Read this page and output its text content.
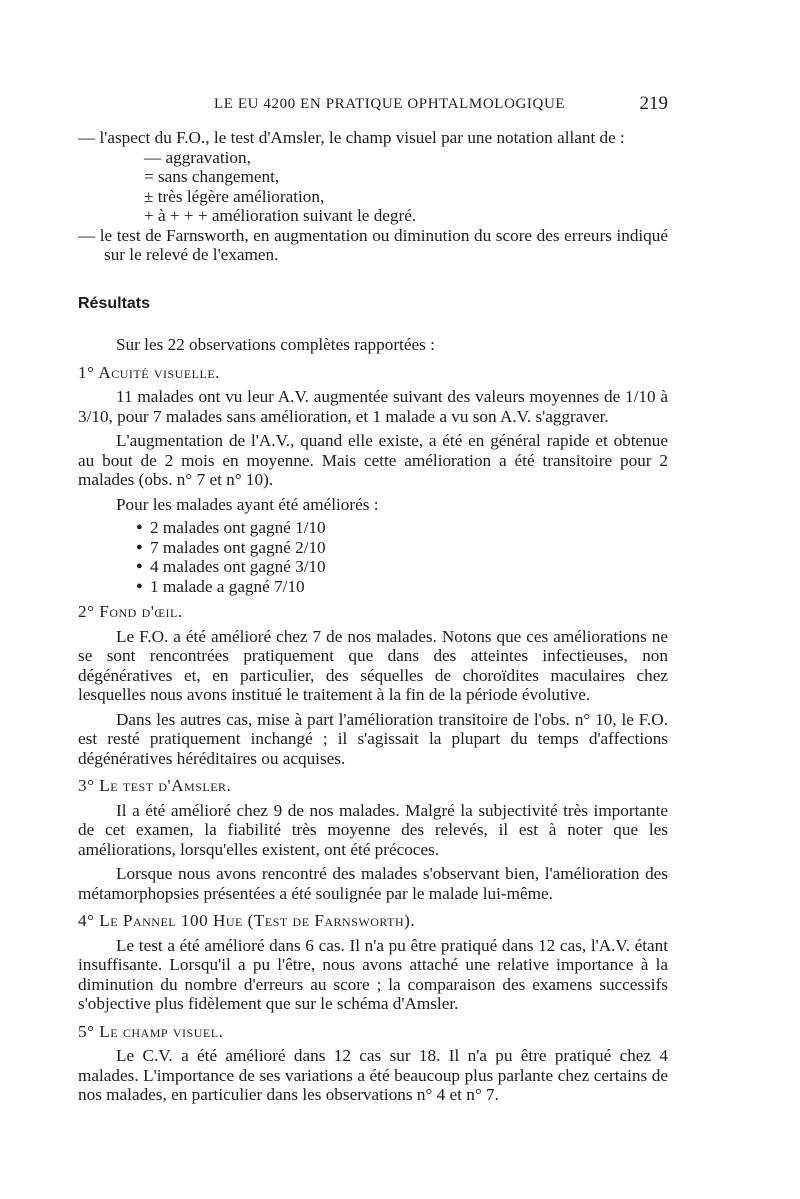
LE EU 4200 EN PRATIQUE OPHTALMOLOGIQUE	219

— l'aspect du F.O., le test d'Amsler, le champ visuel par une notation allant de :

— aggravation,
= sans changement,
± très légère amélioration,
+ à + + + amélioration suivant le degré.

— le test de Farnsworth, en augmentation ou diminution du score des erreurs indiqué sur le relevé de l'examen.

Résultats

Sur les 22 observations complètes rapportées :

1° Acuité visuelle.

11 malades ont vu leur A.V. augmentée suivant des valeurs moyennes de 1/10 à 3/10, pour 7 malades sans amélioration, et 1 malade a vu son A.V. s'aggraver.

L'augmentation de l'A.V., quand elle existe, a été en général rapide et obtenue au bout de 2 mois en moyenne. Mais cette amélioration a été transitoire pour 2 malades (obs. n° 7 et n° 10).

Pour les malades ayant été améliorés :

● 2 malades ont gagné 1/10
● 7 malades ont gagné 2/10
● 4 malades ont gagné 3/10
● 1 malade a gagné 7/10
2° Fond d'œil.

Le F.O. a été amélioré chez 7 de nos malades. Notons que ces améliorations ne se sont rencontrées pratiquement que dans des atteintes infectieuses, non dégénératives et, en particulier, des séquelles de choroïdites maculaires chez lesquelles nous avons institué le traitement à la fin de la période évolutive.

Dans les autres cas, mise à part l'amélioration transitoire de l'obs. n° 10, le F.O. est resté pratiquement inchangé ; il s'agissait la plupart du temps d'affections dégénératives héréditaires ou acquises.

3° Le test d'Amsler.

Il a été amélioré chez 9 de nos malades. Malgré la subjectivité très importante de cet examen, la fiabilité très moyenne des relevés, il est à noter que les améliorations, lorsqu'elles existent, ont été précoces.

Lorsque nous avons rencontré des malades s'observant bien, l'amélioration des métamorphopsies présentées a été soulignée par le malade lui-même.

4° Le Pannel 100 Hue (Test de Farnsworth).

Le test a été amélioré dans 6 cas. Il n'a pu être pratiqué dans 12 cas, l'A.V. étant insuffisante. Lorsqu'il a pu l'être, nous avons attaché une relative importance à la diminution du nombre d'erreurs au score ; la comparaison des examens successifs s'objective plus fidèlement que sur le schéma d'Amsler.

5° Le champ visuel.

Le C.V. a été amélioré dans 12 cas sur 18. Il n'a pu être pratiqué chez 4 malades. L'importance de ses variations a été beaucoup plus parlante chez certains de nos malades, en particulier dans les observations n° 4 et n° 7.
